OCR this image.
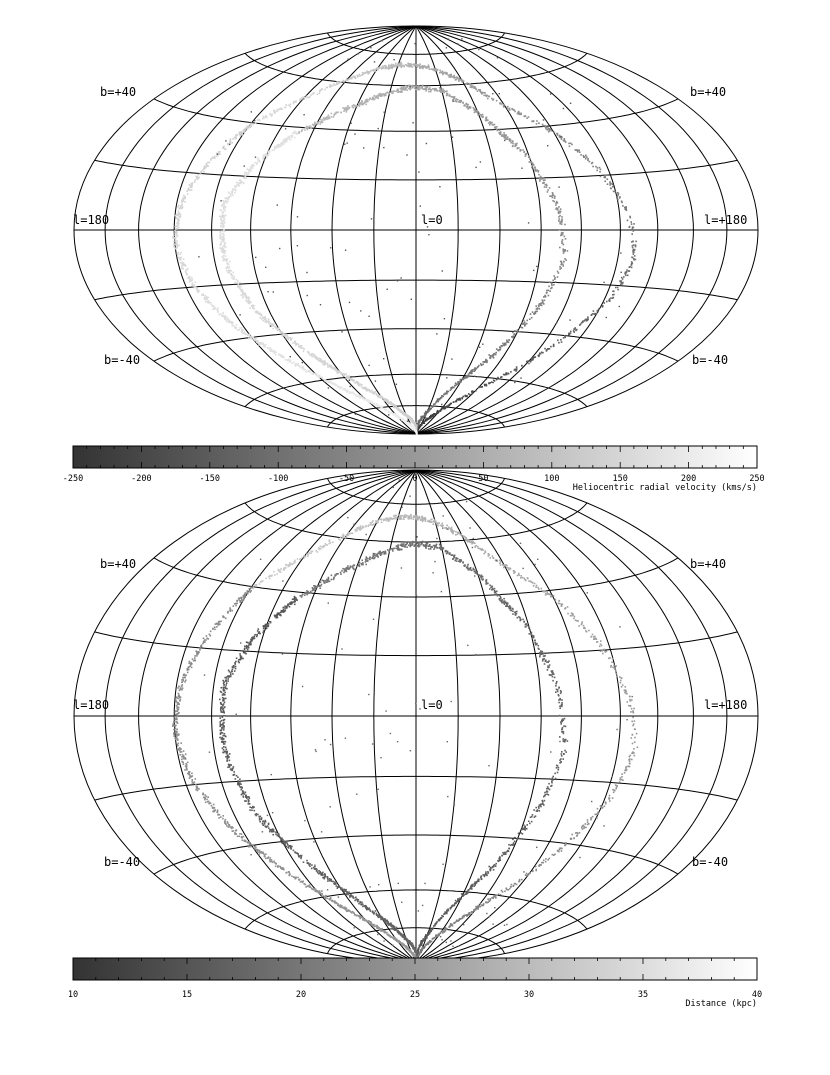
b=+40	b=+40
l=180	l=0	l=+180
b=-40	b=-40
-250	-200	-150	-100	-50	0	50	100	150	200	250
Heliocentric radial velocity (kms/s)
b=+40	b=+40
l=180	l=0	l=+180
b=-40	b=-40
10	15	20	25	30	35	40
Distance (kpc)
